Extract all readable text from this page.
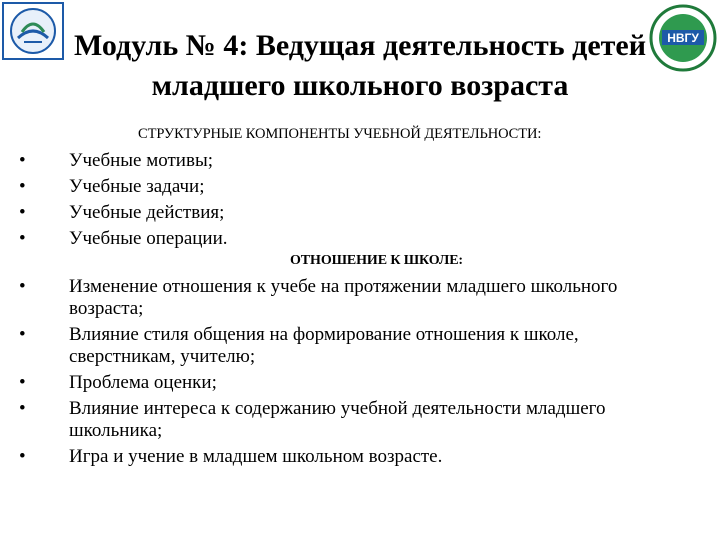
НВГУ
Модуль № 4: Ведущая деятельность детей
младшего школьного возраста
СТРУКТУРНЫЕ КОМПОНЕНТЫ УЧЕБНОЙ ДЕЯТЕЛЬНОСТИ:
• Учебные мотивы;
• Учебные задачи;
• Учебные действия;
• Учебные операции.
ОТНОШЕНИЕ К ШКОЛЕ:
• Изменение отношения к учебе на протяжении младшего школьного возраста;
• Влияние стиля общения на формирование отношения к школе, сверстникам, учителю;
• Проблема оценки;
• Влияние интереса к содержанию учебной деятельности младшего школьника;
• Игра и учение в младшем школьном возрасте.
